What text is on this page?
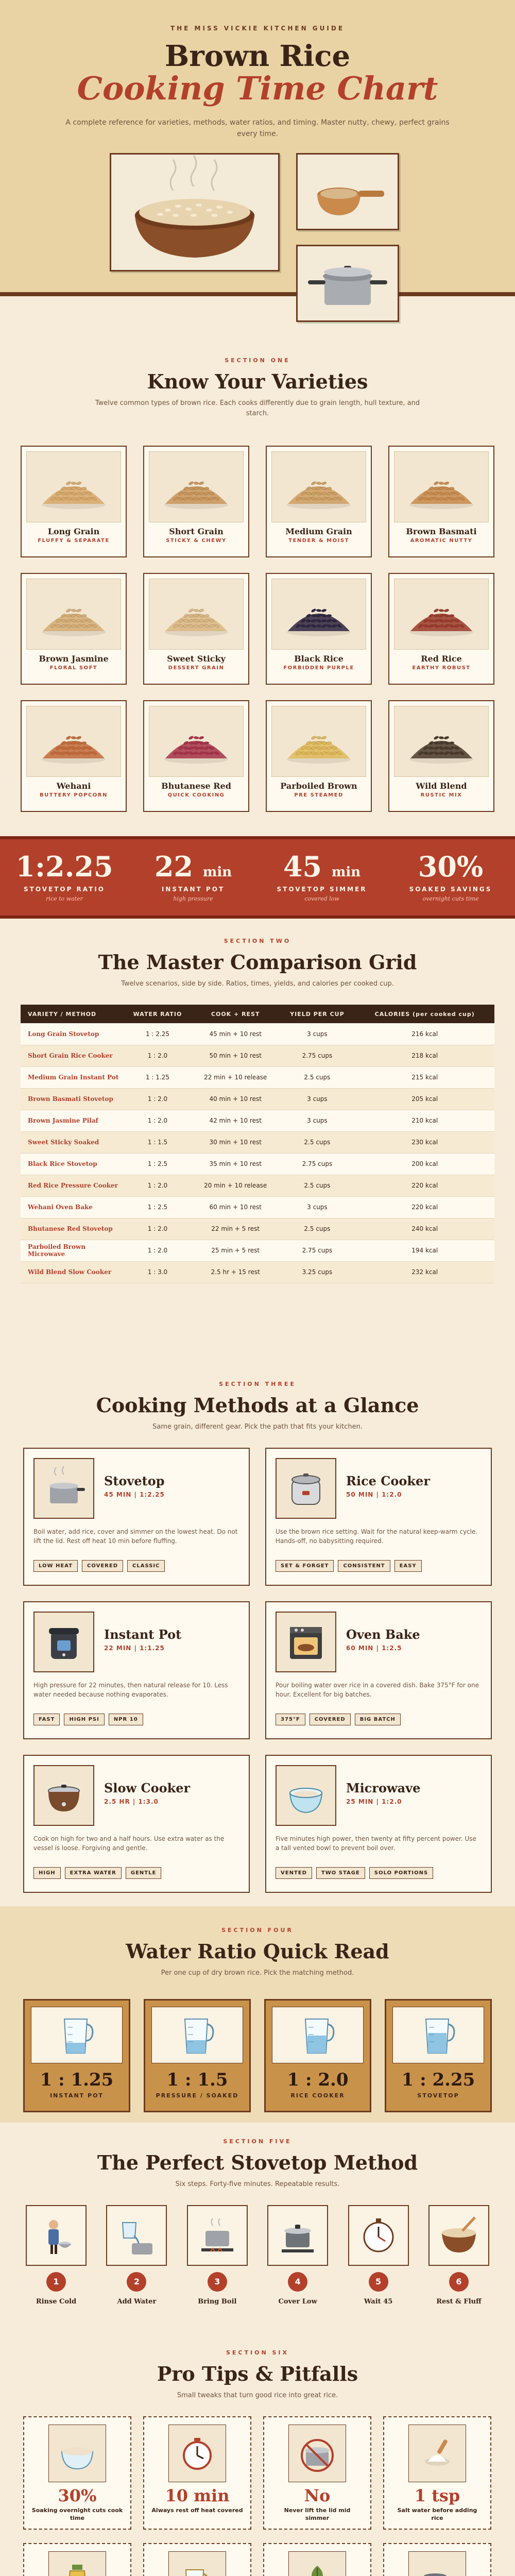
THE MISS VICKIE KITCHEN GUIDE
Brown Rice
Cooking Time Chart

A complete reference for varieties, methods, water ratios, and timing. Master nutty, chewy, perfect grains every time.

SECTION ONE
Know Your Varieties
Twelve common types of brown rice. Each cooks differently due to grain length, hull texture, and starch.
Long Grain
FLUFFY & SEPARATE
Short Grain
STICKY & CHEWY
Medium Grain
TENDER & MOIST
Brown Basmati
AROMATIC NUTTY
Brown Jasmine
FLORAL SOFT
Sweet Sticky
DESSERT GRAIN
Black Rice
FORBIDDEN PURPLE
Red Rice
EARTHY ROBUST
Wehani
BUTTERY POPCORN
Bhutanese Red
QUICK COOKING
Parboiled Brown
PRE STEAMED
Wild Blend
RUSTIC MIX
1:2.25
STOVETOP RATIO
rice to water
22 min
INSTANT POT
high pressure
45 min
STOVETOP SIMMER
covered low
30%
SOAKED SAVINGS
overnight cuts time
SECTION TWO
The Master Comparison Grid
Twelve scenarios, side by side. Ratios, times, yields, and calories per cooked cup.
VARIETY / METHOD	WATER RATIO	COOK + REST	YIELD PER CUP	CALORIES (per cooked cup)
Long Grain Stovetop	1 : 2.25	45 min + 10 rest	3 cups	216 kcal
Short Grain Rice Cooker	1 : 2.0	50 min + 10 rest	2.75 cups	218 kcal
Medium Grain Instant Pot	1 : 1.25	22 min + 10 release	2.5 cups	215 kcal
Brown Basmati Stovetop	1 : 2.0	40 min + 10 rest	3 cups	205 kcal
Brown Jasmine Pilaf	1 : 2.0	42 min + 10 rest	3 cups	210 kcal
Sweet Sticky Soaked	1 : 1.5	30 min + 10 rest	2.5 cups	230 kcal
Black Rice Stovetop	1 : 2.5	35 min + 10 rest	2.75 cups	200 kcal
Red Rice Pressure Cooker	1 : 2.0	20 min + 10 release	2.5 cups	220 kcal
Wehani Oven Bake	1 : 2.5	60 min + 10 rest	3 cups	220 kcal
Bhutanese Red Stovetop	1 : 2.0	22 min + 5 rest	2.5 cups	240 kcal
Parboiled Brown Microwave	1 : 2.0	25 min + 5 rest	2.75 cups	194 kcal
Wild Blend Slow Cooker	1 : 3.0	2.5 hr + 15 rest	3.25 cups	232 kcal
SECTION THREE
Cooking Methods at a Glance
Same grain, different gear. Pick the path that fits your kitchen.
Stovetop
45 MIN | 1:2.25
Boil water, add rice, cover and simmer on the lowest heat. Do not lift the lid. Rest off heat 10 min before fluffing.
LOW HEAT	COVERED	CLASSIC
Rice Cooker
50 MIN | 1:2.0
Use the brown rice setting. Wait for the natural keep-warm cycle. Hands-off, no babysitting required.
SET & FORGET	CONSISTENT	EASY
Instant Pot
22 MIN | 1:1.25
High pressure for 22 minutes, then natural release for 10. Less water needed because nothing evaporates.
FAST	HIGH PSI	NPR 10
Oven Bake
60 MIN | 1:2.5
Pour boiling water over rice in a covered dish. Bake 375°F for one hour. Excellent for big batches.
375°F	COVERED	BIG BATCH
Slow Cooker
2.5 HR | 1:3.0
Cook on high for two and a half hours. Use extra water as the vessel is loose. Forgiving and gentle.
HIGH	EXTRA WATER	GENTLE
Microwave
25 MIN | 1:2.0
Five minutes high power, then twenty at fifty percent power. Use a tall vented bowl to prevent boil over.
VENTED	TWO STAGE	SOLO PORTIONS
SECTION FOUR
Water Ratio Quick Read
Per one cup of dry brown rice. Pick the matching method.
1 : 1.25
INSTANT POT
1 : 1.5
PRESSURE / SOAKED
1 : 2.0
RICE COOKER
1 : 2.25
STOVETOP
SECTION FIVE
The Perfect Stovetop Method
Six steps. Forty-five minutes. Repeatable results.
1
Rinse Cold
2
Add Water
3
Bring Boil
4
Cover Low
5
Wait 45
6
Rest & Fluff
SECTION SIX
Pro Tips & Pitfalls
Small tweaks that turn good rice into great rice.
30%
Soaking overnight cuts cook time
10 min
Always rest off heat covered
No
Never lift the lid mid simmer
1 tsp
Salt water before adding rice
